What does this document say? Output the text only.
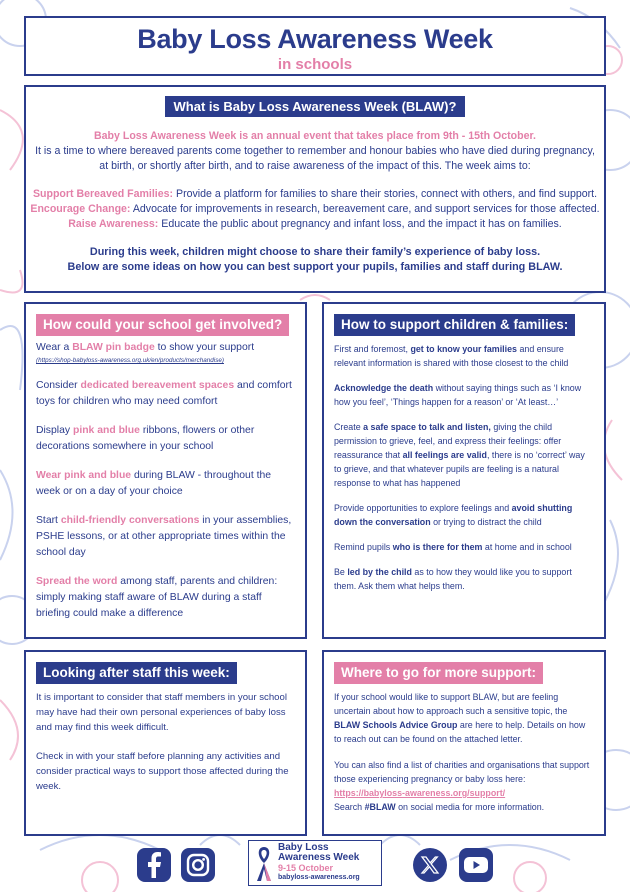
Baby Loss Awareness Week
in schools
What is Baby Loss Awareness Week (BLAW)?

Baby Loss Awareness Week is an annual event that takes place from 9th - 15th October.
It is a time to where bereaved parents come together to remember and honour babies who have died during pregnancy, at birth, or shortly after birth, and to raise awareness of the impact of this. The week aims to:

Support Bereaved Families: Provide a platform for families to share their stories, connect with others, and find support.

Encourage Change: Advocate for improvements in research, bereavement care, and support services for those affected.

Raise Awareness: Educate the public about pregnancy and infant loss, and the impact it has on families.

During this week, children might choose to share their family’s experience of baby loss.
Below are some ideas on how you can best support your pupils, families and staff during BLAW.

How could your school get involved?
Wear a BLAW pin badge to show your support
(https://shop-babyloss-awareness.org.uk/en/products/merchandise)
Consider dedicated bereavement spaces and comfort toys for children who may need comfort
Display pink and blue ribbons, flowers or other decorations somewhere in your school
Wear pink and blue during BLAW - throughout the week or on a day of your choice
Start child-friendly conversations in your assemblies, PSHE lessons, or at other appropriate times within the school day
Spread the word among staff, parents and children: simply making staff aware of BLAW during a staff briefing could make a difference
How to support children & families:
First and foremost, get to know your families and ensure relevant information is shared with those closest to the child
Acknowledge the death without saying things such as ‘I know how you feel’, ‘Things happen for a reason’ or ‘At least…’
Create a safe space to talk and listen, giving the child permission to grieve, feel, and express their feelings: offer reassurance that all feelings are valid, there is no ‘correct’ way to grieve, and that whatever pupils are feeling is a natural response to what has happened
Provide opportunities to explore feelings and avoid shutting down the conversation or trying to distract the child
Remind pupils who is there for them at home and in school
Be led by the child as to how they would like you to support them. Ask them what helps them.
Looking after staff this week:
It is important to consider that staff members in your school may have had their own personal experiences of baby loss and may find this week difficult.
Check in with your staff before planning any activities and consider practical ways to support those affected during the week.
Where to go for more support:
If your school would like to support BLAW, but are feeling uncertain about how to approach such a sensitive topic, the BLAW Schools Advice Group are here to help. Details on how to reach out can be found on the attached letter.
You can also find a list of charities and organisations that support those experiencing pregnancy or baby loss here:
https://babyloss-awareness.org/support/
Search #BLAW on social media for more information.
Baby Loss
Awareness Week
9-15 October
babyloss-awareness.org
